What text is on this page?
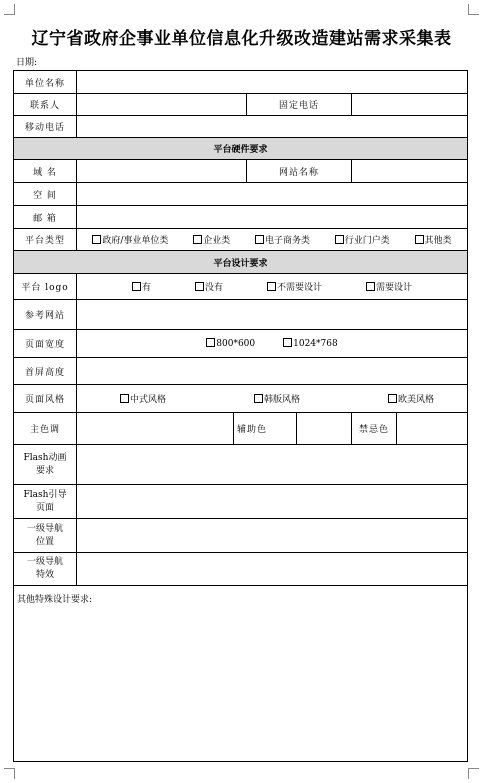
辽宁省政府企事业单位信息化升级改造建站需求采集表
日期:
单位名称						
联系人			固定电话			
移动电话						
平台硬件要求						
域 名			网站名称			
空 间						
邮 箱						
平台类型	政府/事业单位类 企业类 电子商务类 行业门户类 其他类					

平台设计要求						
平台 logo	有 没有 不需要设计 需要设计					

参考网站						
页面宽度	800*600 1024*768					

首屏高度						
页面风格	中式风格 韩版风格 欧美风格					

主色调		辅助色			禁忌色	

Flash动画
要求						

Flash引导
页面						

一级导航
位置						

一级导航
特效						

其他特殊设计要求:						
